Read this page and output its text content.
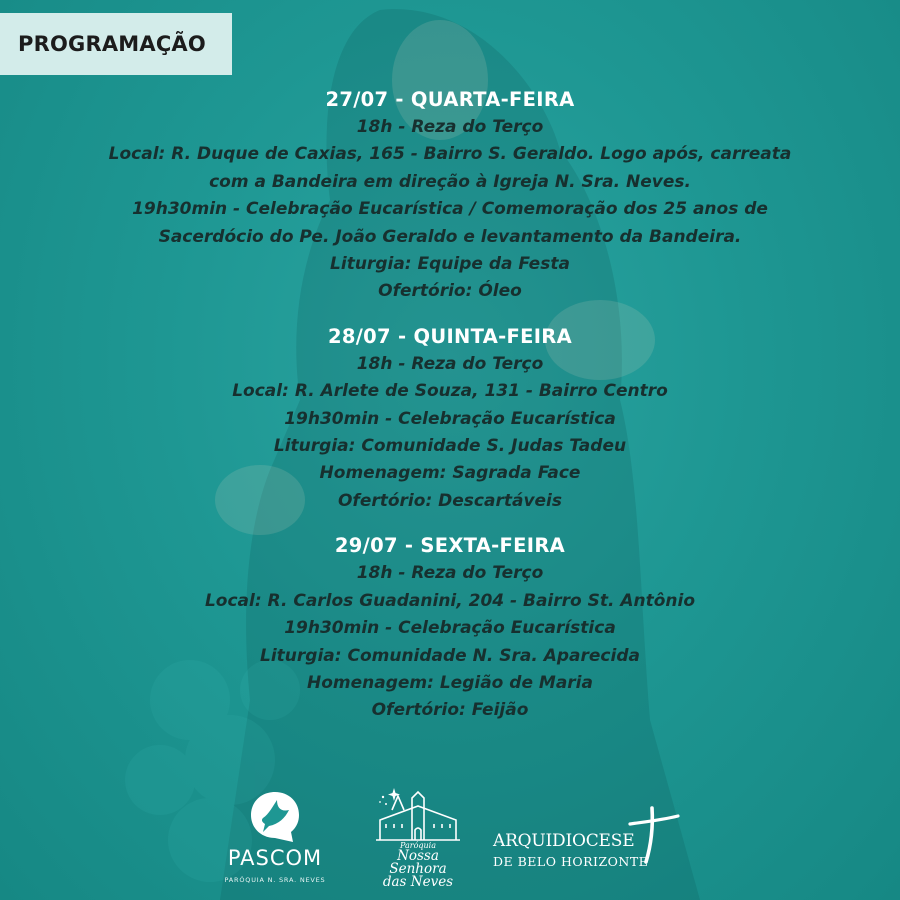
PROGRAMAÇÃO
27/07 - QUARTA-FEIRA
18h - Reza do Terço
Local: R. Duque de Caxias, 165 - Bairro S. Geraldo. Logo após, carreata
com a Bandeira em direção à Igreja N. Sra. Neves.
19h30min - Celebração Eucarística / Comemoração dos 25 anos de
Sacerdócio do Pe. João Geraldo e levantamento da Bandeira.
Liturgia: Equipe da Festa
Ofertório: Óleo
28/07 - QUINTA-FEIRA
18h - Reza do Terço
Local: R. Arlete de Souza, 131 - Bairro Centro
19h30min - Celebração Eucarística
Liturgia: Comunidade S. Judas Tadeu
Homenagem: Sagrada Face
Ofertório: Descartáveis
29/07 - SEXTA-FEIRA
18h - Reza do Terço
Local: R. Carlos Guadanini, 204 - Bairro St. Antônio
19h30min - Celebração Eucarística
Liturgia: Comunidade N. Sra. Aparecida
Homenagem: Legião de Maria
Ofertório: Feijão
PASCOM
PARÓQUIA N. SRA. NEVES
Paróquia
Nossa Senhora
das Neves
ARQUIDIOCESE
DE BELO HORIZONTE
